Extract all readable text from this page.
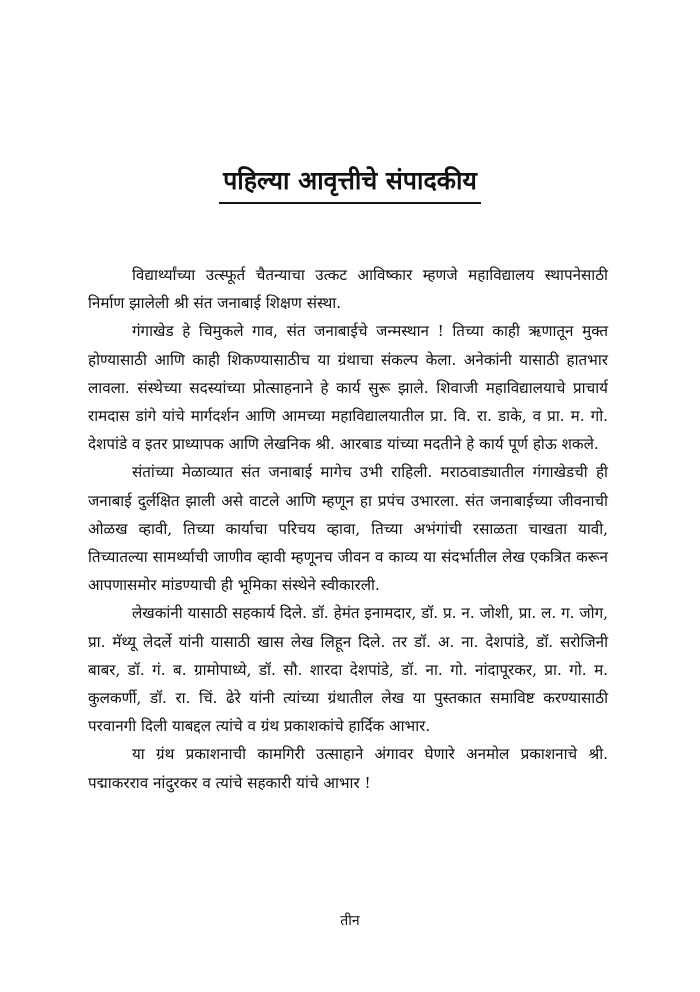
पहिल्या आवृत्तीचे संपादकीय

विद्यार्थ्यांच्या उत्स्फूर्त चैतन्याचा उत्कट आविष्कार म्हणजे महाविद्यालय स्थापनेसाठी निर्माण झालेली श्री संत जनाबाई शिक्षण संस्था.

गंगाखेड हे चिमुकले गाव, संत जनाबाईचे जन्मस्थान ! तिच्या काही ऋणातून मुक्त होण्यासाठी आणि काही शिकण्यासाठीच या ग्रंथाचा संकल्प केला. अनेकांनी यासाठी हातभार लावला. संस्थेच्या सदस्यांच्या प्रोत्साहनाने हे कार्य सुरू झाले. शिवाजी महाविद्यालयाचे प्राचार्य रामदास डांगे यांचे मार्गदर्शन आणि आमच्या महाविद्यालयातील प्रा. वि. रा. डाके, व प्रा. म. गो. देशपांडे व इतर प्राध्यापक आणि लेखनिक श्री. आरबाड यांच्या मदतीने हे कार्य पूर्ण होऊ शकले.

संतांच्या मेळाव्यात संत जनाबाई मागेच उभी राहिली. मराठवाड्यातील गंगाखेडची ही जनाबाई दुर्लक्षित झाली असे वाटले आणि म्हणून हा प्रपंच उभारला. संत जनाबाईच्या जीवनाची ओळख व्हावी, तिच्या कार्याचा परिचय व्हावा, तिच्या अभंगांची रसाळता चाखता यावी, तिच्यातल्या सामर्थ्याची जाणीव व्हावी म्हणूनच जीवन व काव्य या संदर्भातील लेख एकत्रित करून आपणासमोर मांडण्याची ही भूमिका संस्थेने स्वीकारली.

लेखकांनी यासाठी सहकार्य दिले. डॉ. हेमंत इनामदार, डॉ. प्र. न. जोशी, प्रा. ल. ग. जोग, प्रा. मॅथ्यू लेदर्ले यांनी यासाठी खास लेख लिहून दिले. तर डॉ. अ. ना. देशपांडे, डॉ. सरोजिनी बाबर, डॉ. गं. ब. ग्रामोपाध्ये, डॉ. सौ. शारदा देशपांडे, डॉ. ना. गो. नांदापूरकर, प्रा. गो. म. कुलकर्णी, डॉ. रा. चिं. ढेरे यांनी त्यांच्या ग्रंथातील लेख या पुस्तकात समाविष्ट करण्यासाठी परवानगी दिली याबद्दल त्यांचे व ग्रंथ प्रकाशकांचे हार्दिक आभार.

या ग्रंथ प्रकाशनाची कामगिरी उत्साहाने अंगावर घेणारे अनमोल प्रकाशनाचे श्री. पद्माकरराव नांदुरकर व त्यांचे सहकारी यांचे आभार !

तीन
